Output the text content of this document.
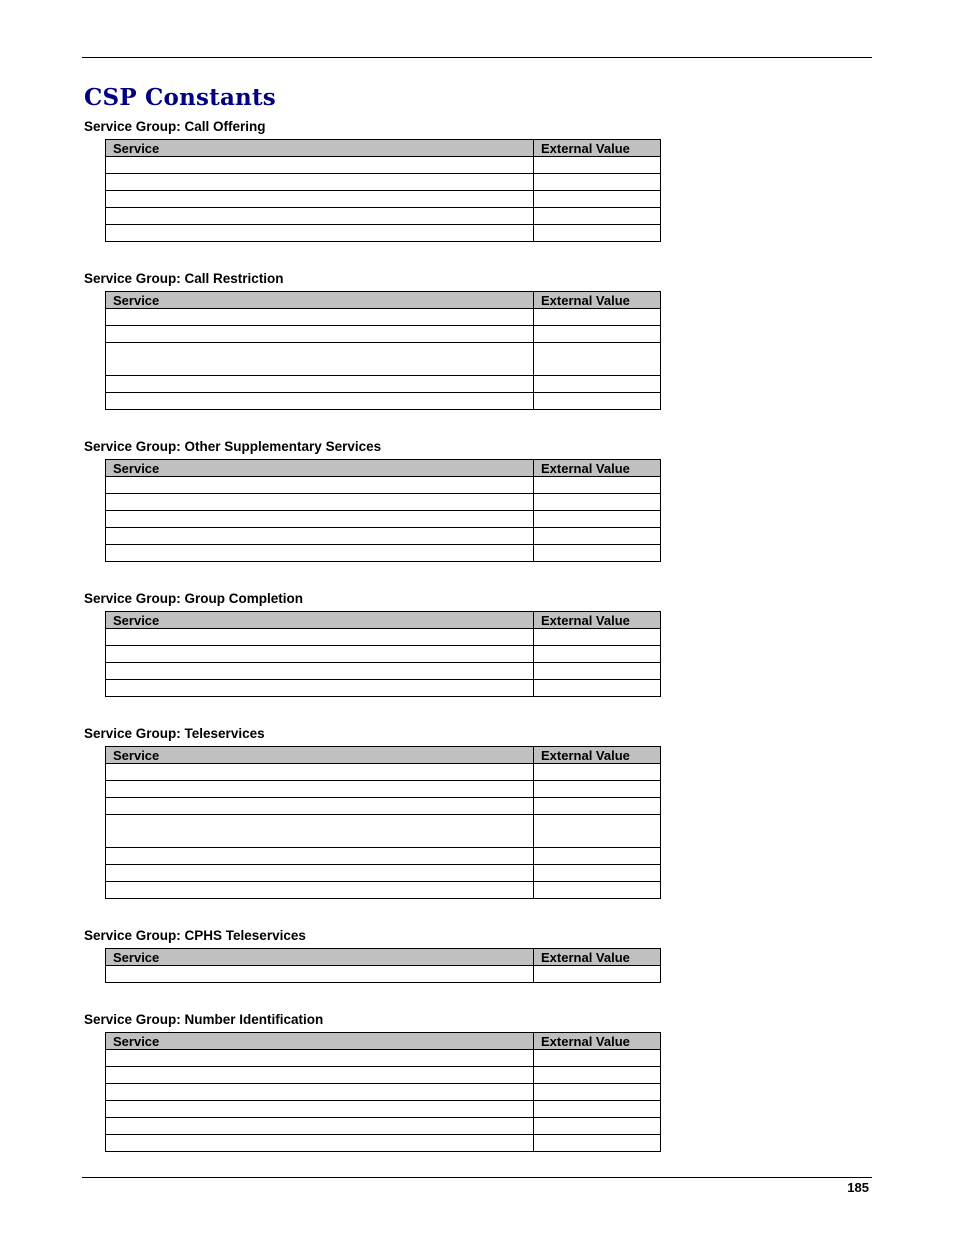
CSP Constants
Service Group: Call Offering
Service	External Value

Service Group: Call Restriction
Service	External Value

Service Group: Other Supplementary Services
Service	External Value

Service Group: Group Completion
Service	External Value

Service Group: Teleservices
Service	External Value

Service Group: CPHS Teleservices
Service	External Value

Service Group: Number Identification
Service	External Value

185
